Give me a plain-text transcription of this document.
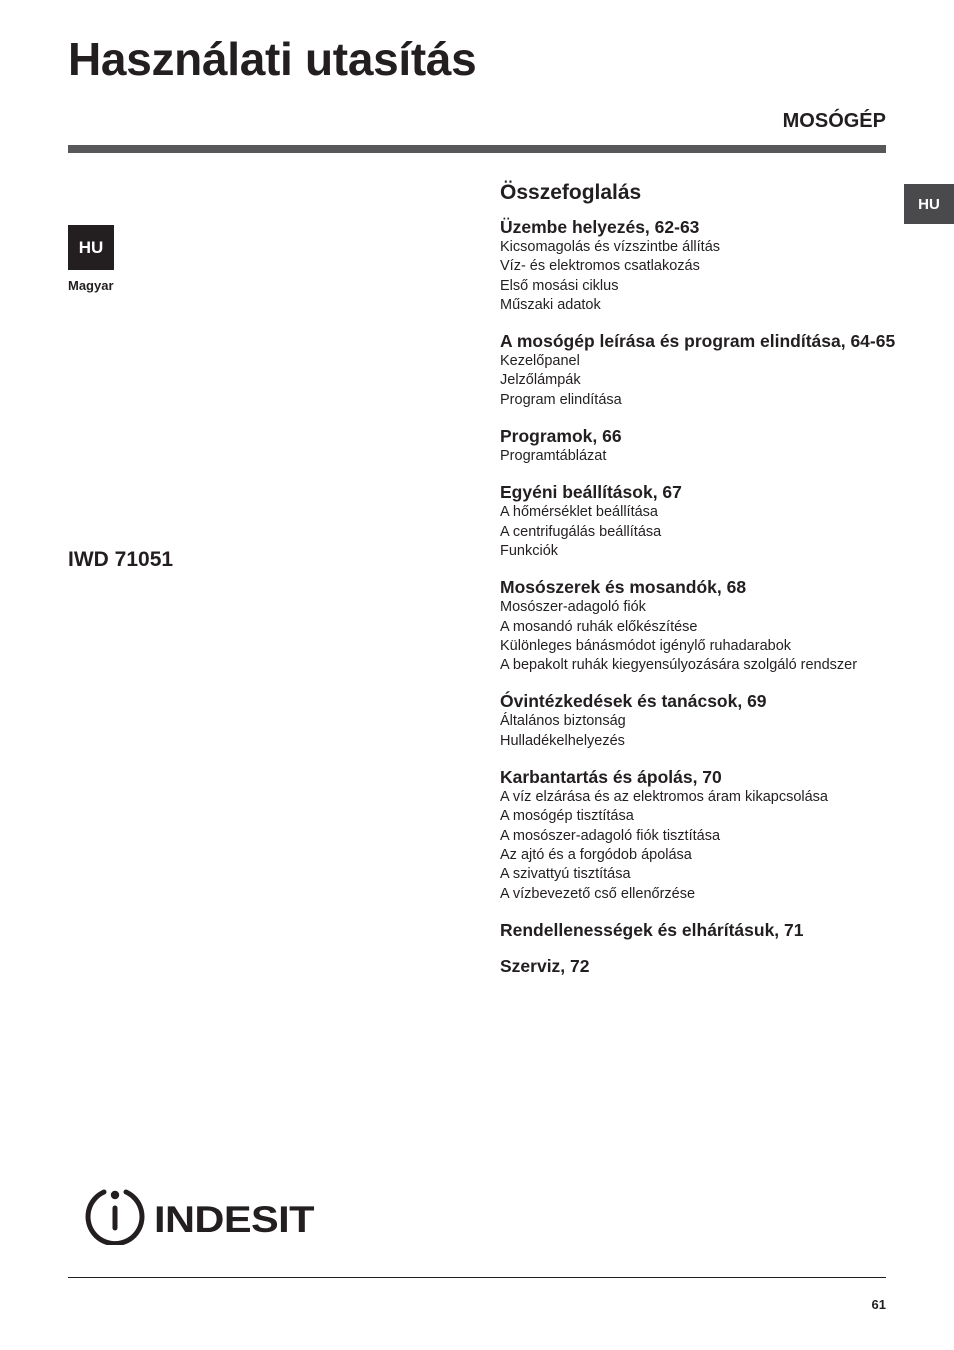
Használati utasítás
MOSÓGÉP
HU
Magyar
HU
IWD 71051
Összefoglalás
Üzembe helyezés, 62-63
Kicsomagolás és vízszintbe állítás
Víz- és elektromos csatlakozás
Első mosási ciklus
Műszaki adatok
A mosógép leírása és program elindítása, 64-65
Kezelőpanel
Jelzőlámpák
Program elindítása
Programok, 66
Programtáblázat
Egyéni beállítások, 67
A hőmérséklet beállítása
A centrifugálás beállítása
Funkciók
Mosószerek és mosandók, 68
Mosószer-adagoló fiók
A mosandó ruhák előkészítése
Különleges bánásmódot igénylő ruhadarabok
A bepakolt ruhák kiegyensúlyozására szolgáló rendszer
Óvintézkedések és tanácsok, 69
Általános biztonság
Hulladékelhelyezés
Karbantartás és ápolás, 70
A víz elzárása és az elektromos áram kikapcsolása
A mosógép tisztítása
A mosószer-adagoló fiók tisztítása
Az ajtó és a forgódob ápolása
A szivattyú tisztítása
A vízbevezető cső ellenőrzése
Rendellenességek és elhárításuk, 71
Szerviz, 72
INDESIT
61
